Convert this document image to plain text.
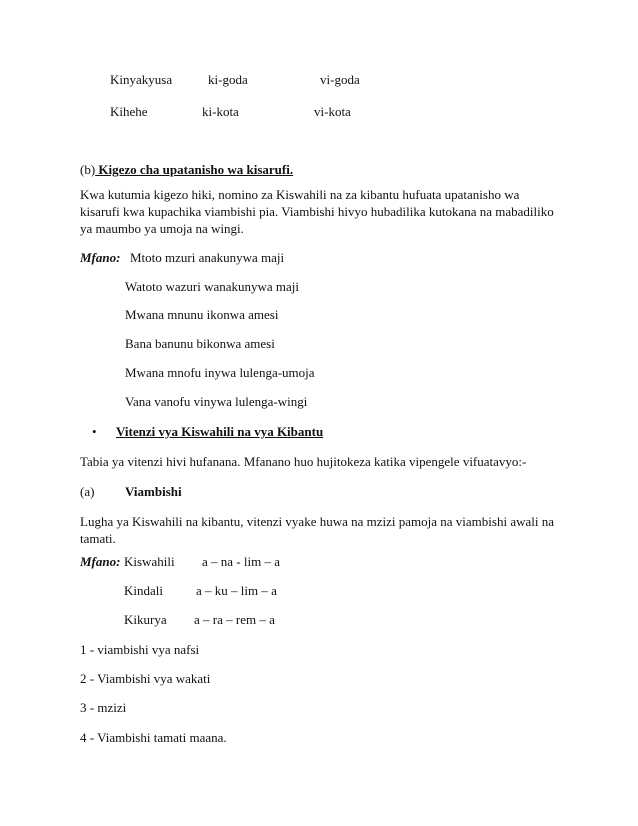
Kinyakyusa	ki-goda	vi-goda
Kihehe	ki-kota	vi-kota
(b) Kigezo cha upatanisho wa kisarufi.
Kwa kutumia kigezo hiki, nomino za Kiswahili na za kibantu hufuata upatanisho wa kisarufi kwa kupachika viambishi pia. Viambishi hivyo hubadilika kutokana na mabadiliko ya maumbo ya umoja na wingi.
Mfano: Mtoto mzuri anakunywa maji
Watoto wazuri wanakunywa maji
Mwana mnunu ikonwa amesi
Bana banunu bikonwa amesi
Mwana mnofu inywa lulenga-umoja
Vana vanofu vinywa lulenga-wingi
• Vitenzi vya Kiswahili na vya Kibantu
Tabia ya vitenzi hivi hufanana. Mfanano huo hujitokeza katika vipengele vifuatavyo:-
(a) Viambishi
Lugha ya Kiswahili na kibantu, vitenzi vyake huwa na mzizi pamoja na viambishi awali na tamati.
Mfano: Kiswahili a – na - lim – a
Kindali	a – ku – lim – a
Kikurya a – ra – rem – a
1 - viambishi vya nafsi
2 - Viambishi vya wakati
3 - mzizi
4 - Viambishi tamati maana.
